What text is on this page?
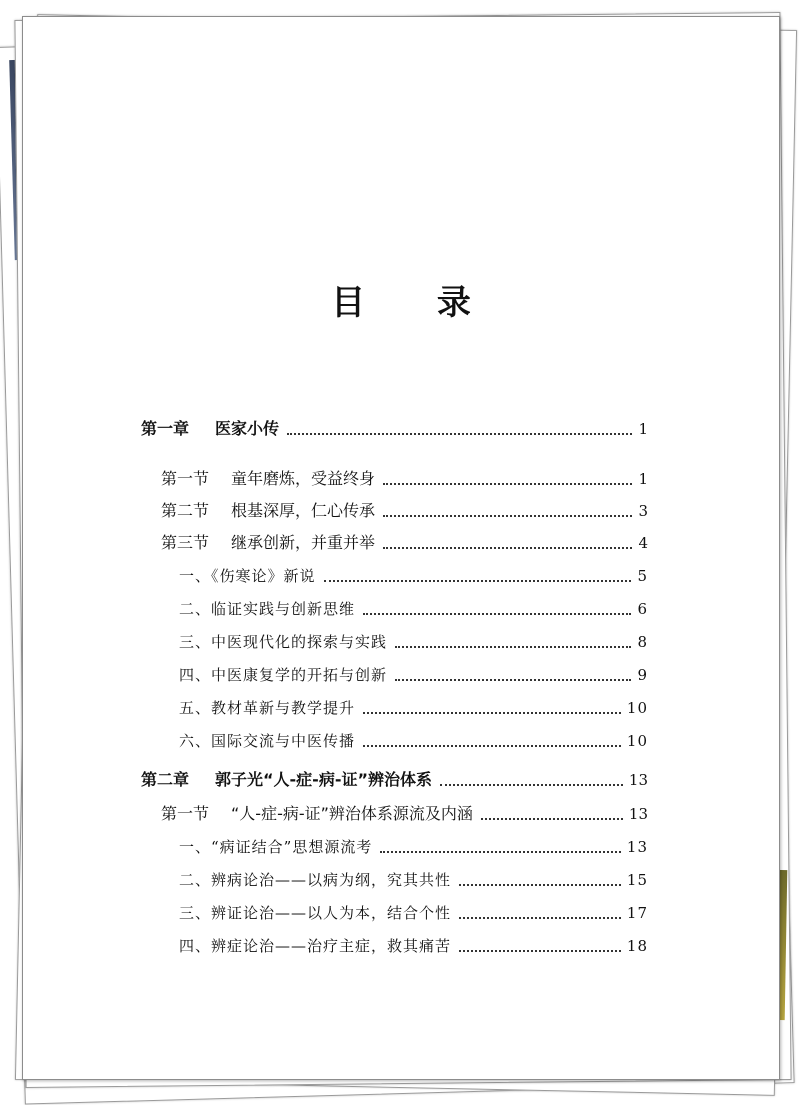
目 录
第一章 医家小传	1
第一节 童年磨炼，受益终身	1
第二节 根基深厚，仁心传承	3
第三节 继承创新，并重并举	4
一、《伤寒论》新说	5
二、临证实践与创新思维	6
三、中医现代化的探索与实践	8
四、中医康复学的开拓与创新	9
五、教材革新与教学提升	10
六、国际交流与中医传播	10
第二章 郭子光“人-症-病-证”辨治体系	13
第一节 “人-症-病-证”辨治体系源流及内涵	13
一、“病证结合”思想源流考	13
二、辨病论治——以病为纲，究其共性	15
三、辨证论治——以人为本，结合个性	17
四、辨症论治——治疗主症，救其痛苦	18
